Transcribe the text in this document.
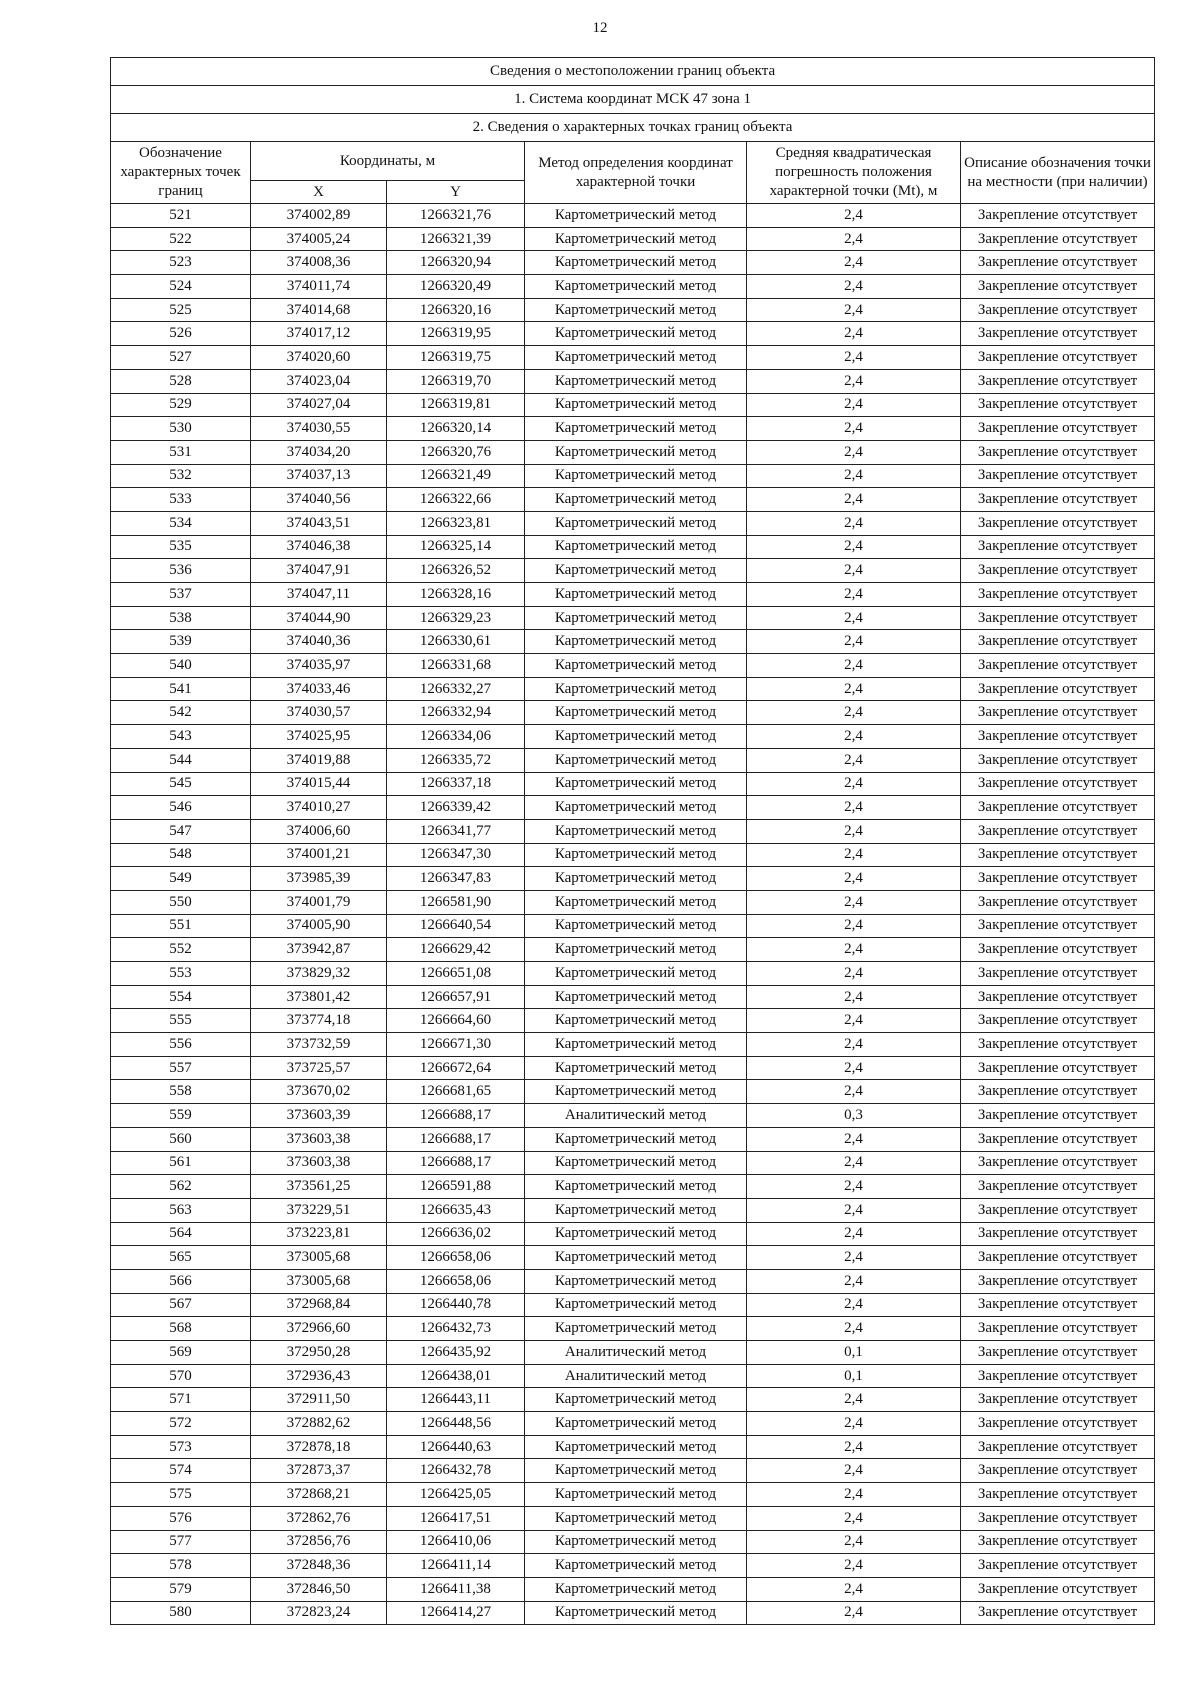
12
Сведения о местоположении границ объекта					
1. Система координат МСК 47 зона 1					
2. Сведения о характерных точках границ объекта					
Обозначение характерных точек границ	Координаты, м		Метод определения координат характерной точки	Средняя квадратическая погрешность положения характерной точки (Mt), м	Описание обозначения точки на местности (при наличии)
	X	Y			
521	374002,89	1266321,76	Картометрический метод	2,4	Закрепление отсутствует
522	374005,24	1266321,39	Картометрический метод	2,4	Закрепление отсутствует
523	374008,36	1266320,94	Картометрический метод	2,4	Закрепление отсутствует
524	374011,74	1266320,49	Картометрический метод	2,4	Закрепление отсутствует
525	374014,68	1266320,16	Картометрический метод	2,4	Закрепление отсутствует
526	374017,12	1266319,95	Картометрический метод	2,4	Закрепление отсутствует
527	374020,60	1266319,75	Картометрический метод	2,4	Закрепление отсутствует
528	374023,04	1266319,70	Картометрический метод	2,4	Закрепление отсутствует
529	374027,04	1266319,81	Картометрический метод	2,4	Закрепление отсутствует
530	374030,55	1266320,14	Картометрический метод	2,4	Закрепление отсутствует
531	374034,20	1266320,76	Картометрический метод	2,4	Закрепление отсутствует
532	374037,13	1266321,49	Картометрический метод	2,4	Закрепление отсутствует
533	374040,56	1266322,66	Картометрический метод	2,4	Закрепление отсутствует
534	374043,51	1266323,81	Картометрический метод	2,4	Закрепление отсутствует
535	374046,38	1266325,14	Картометрический метод	2,4	Закрепление отсутствует
536	374047,91	1266326,52	Картометрический метод	2,4	Закрепление отсутствует
537	374047,11	1266328,16	Картометрический метод	2,4	Закрепление отсутствует
538	374044,90	1266329,23	Картометрический метод	2,4	Закрепление отсутствует
539	374040,36	1266330,61	Картометрический метод	2,4	Закрепление отсутствует
540	374035,97	1266331,68	Картометрический метод	2,4	Закрепление отсутствует
541	374033,46	1266332,27	Картометрический метод	2,4	Закрепление отсутствует
542	374030,57	1266332,94	Картометрический метод	2,4	Закрепление отсутствует
543	374025,95	1266334,06	Картометрический метод	2,4	Закрепление отсутствует
544	374019,88	1266335,72	Картометрический метод	2,4	Закрепление отсутствует
545	374015,44	1266337,18	Картометрический метод	2,4	Закрепление отсутствует
546	374010,27	1266339,42	Картометрический метод	2,4	Закрепление отсутствует
547	374006,60	1266341,77	Картометрический метод	2,4	Закрепление отсутствует
548	374001,21	1266347,30	Картометрический метод	2,4	Закрепление отсутствует
549	373985,39	1266347,83	Картометрический метод	2,4	Закрепление отсутствует
550	374001,79	1266581,90	Картометрический метод	2,4	Закрепление отсутствует
551	374005,90	1266640,54	Картометрический метод	2,4	Закрепление отсутствует
552	373942,87	1266629,42	Картометрический метод	2,4	Закрепление отсутствует
553	373829,32	1266651,08	Картометрический метод	2,4	Закрепление отсутствует
554	373801,42	1266657,91	Картометрический метод	2,4	Закрепление отсутствует
555	373774,18	1266664,60	Картометрический метод	2,4	Закрепление отсутствует
556	373732,59	1266671,30	Картометрический метод	2,4	Закрепление отсутствует
557	373725,57	1266672,64	Картометрический метод	2,4	Закрепление отсутствует
558	373670,02	1266681,65	Картометрический метод	2,4	Закрепление отсутствует
559	373603,39	1266688,17	Аналитический метод	0,3	Закрепление отсутствует
560	373603,38	1266688,17	Картометрический метод	2,4	Закрепление отсутствует
561	373603,38	1266688,17	Картометрический метод	2,4	Закрепление отсутствует
562	373561,25	1266591,88	Картометрический метод	2,4	Закрепление отсутствует
563	373229,51	1266635,43	Картометрический метод	2,4	Закрепление отсутствует
564	373223,81	1266636,02	Картометрический метод	2,4	Закрепление отсутствует
565	373005,68	1266658,06	Картометрический метод	2,4	Закрепление отсутствует
566	373005,68	1266658,06	Картометрический метод	2,4	Закрепление отсутствует
567	372968,84	1266440,78	Картометрический метод	2,4	Закрепление отсутствует
568	372966,60	1266432,73	Картометрический метод	2,4	Закрепление отсутствует
569	372950,28	1266435,92	Аналитический метод	0,1	Закрепление отсутствует
570	372936,43	1266438,01	Аналитический метод	0,1	Закрепление отсутствует
571	372911,50	1266443,11	Картометрический метод	2,4	Закрепление отсутствует
572	372882,62	1266448,56	Картометрический метод	2,4	Закрепление отсутствует
573	372878,18	1266440,63	Картометрический метод	2,4	Закрепление отсутствует
574	372873,37	1266432,78	Картометрический метод	2,4	Закрепление отсутствует
575	372868,21	1266425,05	Картометрический метод	2,4	Закрепление отсутствует
576	372862,76	1266417,51	Картометрический метод	2,4	Закрепление отсутствует
577	372856,76	1266410,06	Картометрический метод	2,4	Закрепление отсутствует
578	372848,36	1266411,14	Картометрический метод	2,4	Закрепление отсутствует
579	372846,50	1266411,38	Картометрический метод	2,4	Закрепление отсутствует
580	372823,24	1266414,27	Картометрический метод	2,4	Закрепление отсутствует
